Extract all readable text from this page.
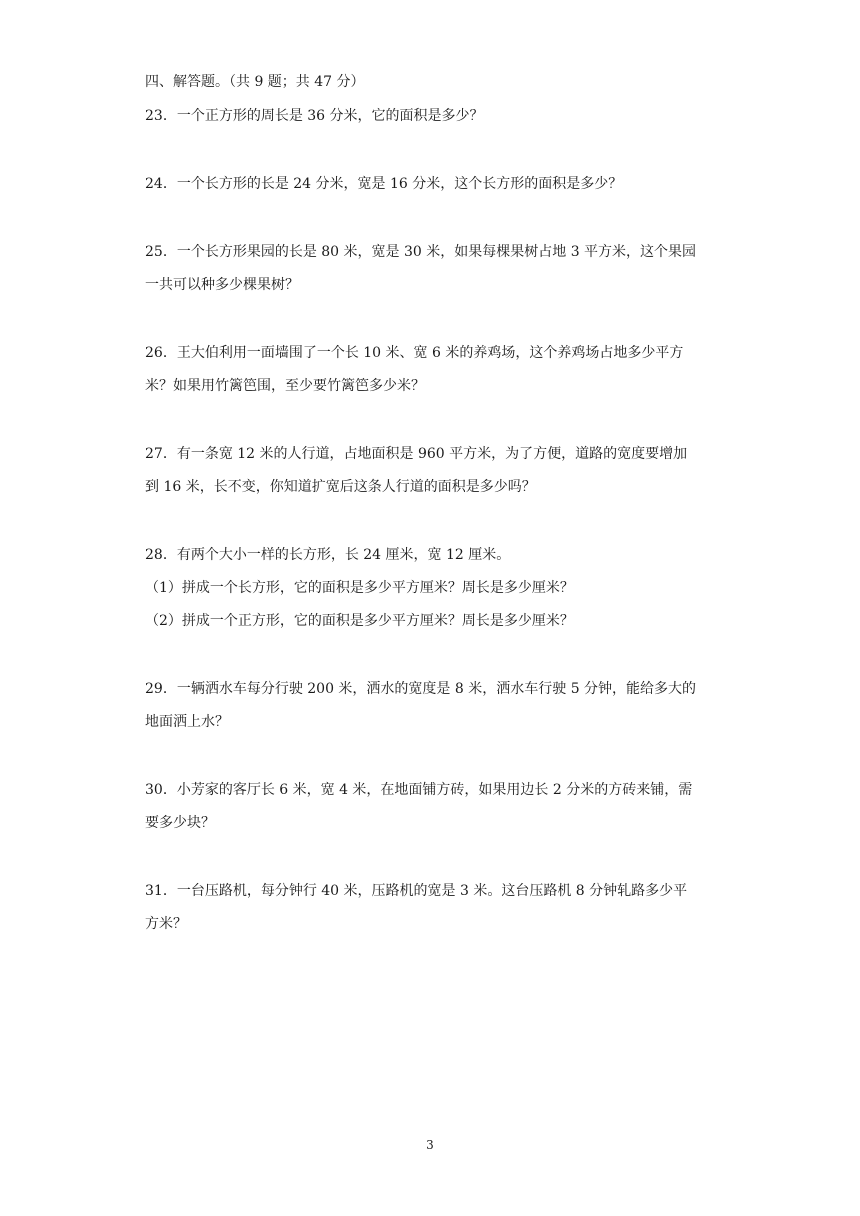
四、解答题。（共 9 题；共 47 分）
23．一个正方形的周长是 36 分米，它的面积是多少？
24．一个长方形的长是 24 分米，宽是 16 分米，这个长方形的面积是多少？
25．一个长方形果园的长是 80 米，宽是 30 米，如果每棵果树占地 3 平方米，这个果园
一共可以种多少棵果树？
26．王大伯利用一面墙围了一个长 10 米、宽 6 米的养鸡场，这个养鸡场占地多少平方
米？如果用竹篱笆围，至少要竹篱笆多少米？
27．有一条宽 12 米的人行道，占地面积是 960 平方米，为了方便，道路的宽度要增加
到 16 米，长不变，你知道扩宽后这条人行道的面积是多少吗？
28．有两个大小一样的长方形，长 24 厘米，宽 12 厘米。
（1）拼成一个长方形，它的面积是多少平方厘米？周长是多少厘米？
（2）拼成一个正方形，它的面积是多少平方厘米？周长是多少厘米？
29．一辆洒水车每分行驶 200 米，洒水的宽度是 8 米，洒水车行驶 5 分钟，能给多大的
地面洒上水？
30．小芳家的客厅长 6 米，宽 4 米，在地面铺方砖，如果用边长 2 分米的方砖来铺，需
要多少块？
31．一台压路机，每分钟行 40 米，压路机的宽是 3 米。这台压路机 8 分钟轧路多少平
方米？
3
